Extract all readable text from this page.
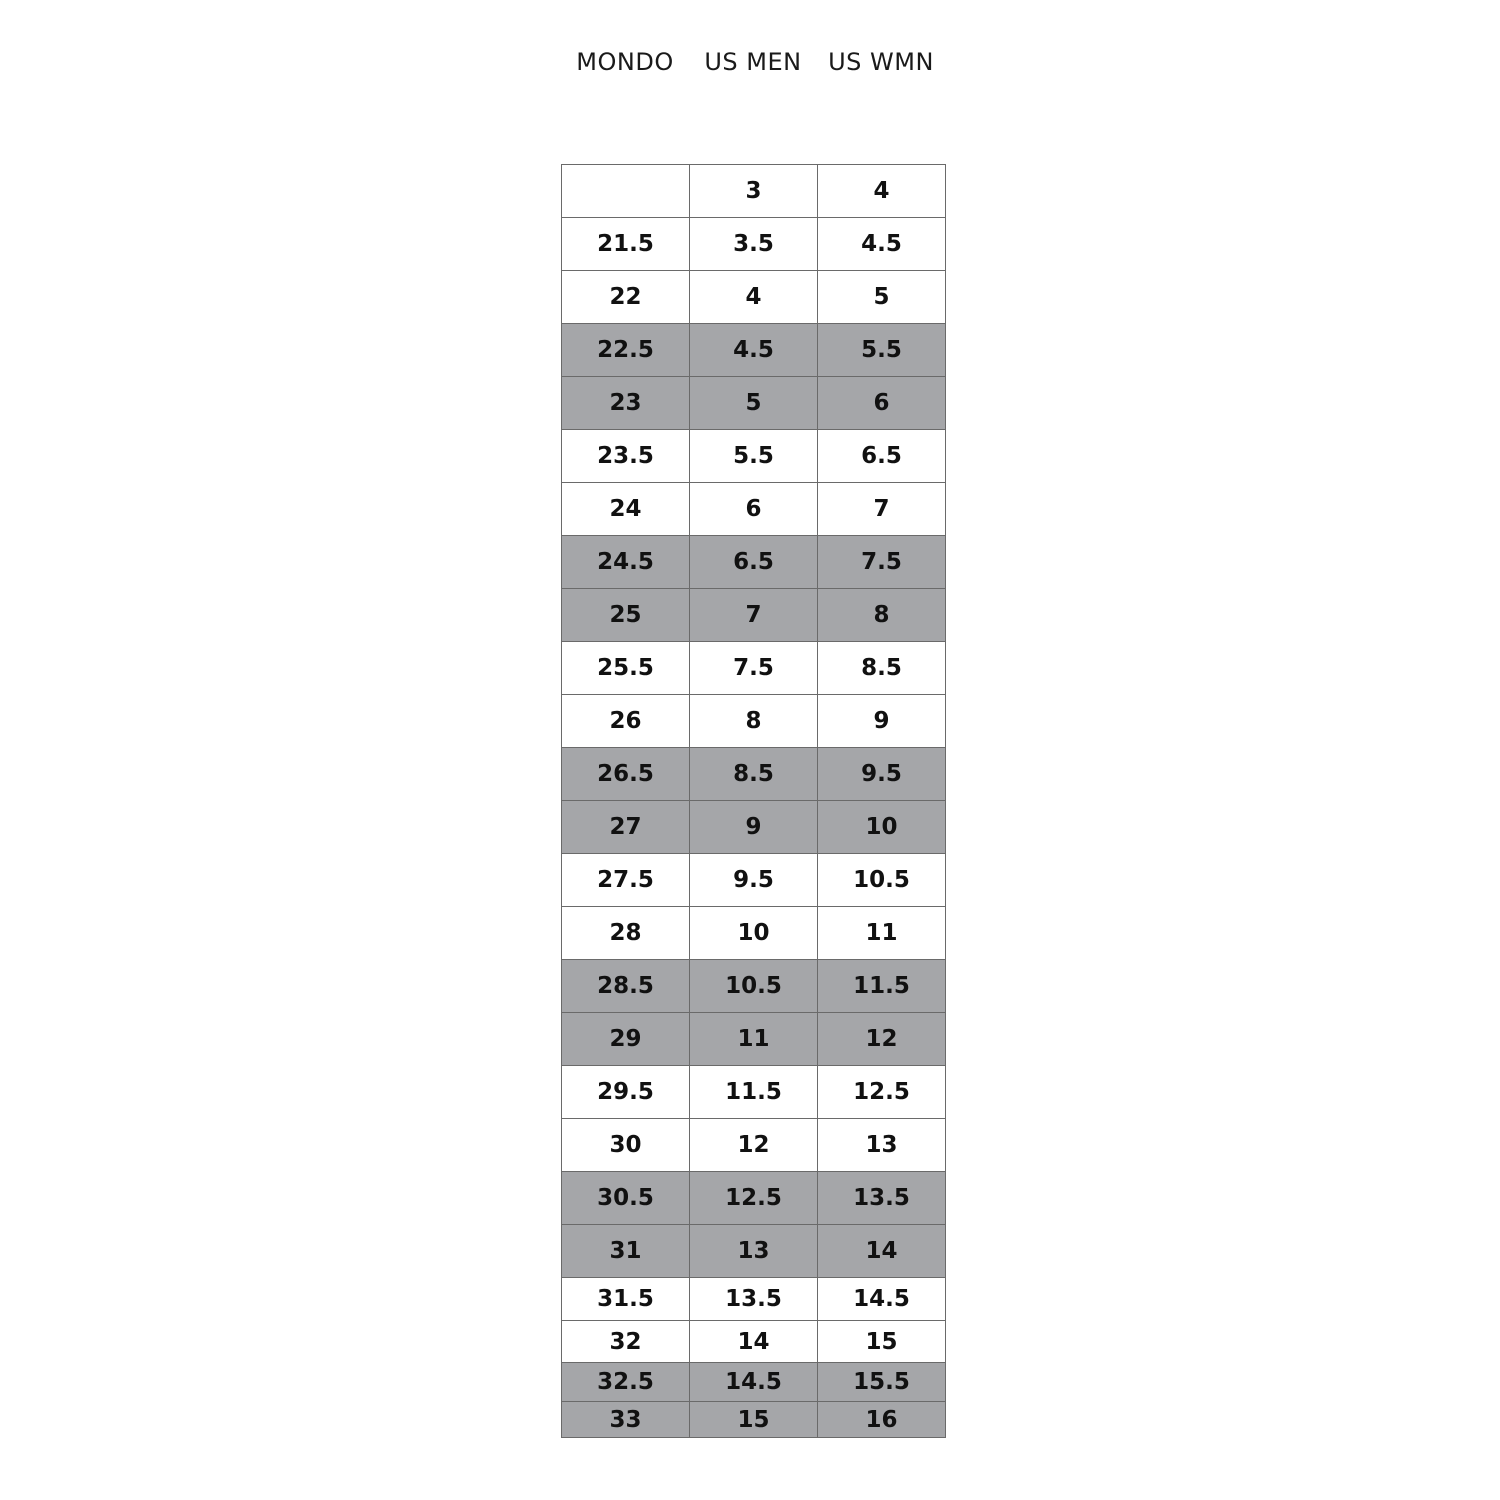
MONDO	US MEN	US WMN
	3	4
21.5	3.5	4.5
22	4	5
22.5	4.5	5.5
23	5	6
23.5	5.5	6.5
24	6	7
24.5	6.5	7.5
25	7	8
25.5	7.5	8.5
26	8	9
26.5	8.5	9.5
27	9	10
27.5	9.5	10.5
28	10	11
28.5	10.5	11.5
29	11	12
29.5	11.5	12.5
30	12	13
30.5	12.5	13.5
31	13	14
31.5	13.5	14.5
32	14	15
32.5	14.5	15.5
33	15	16
